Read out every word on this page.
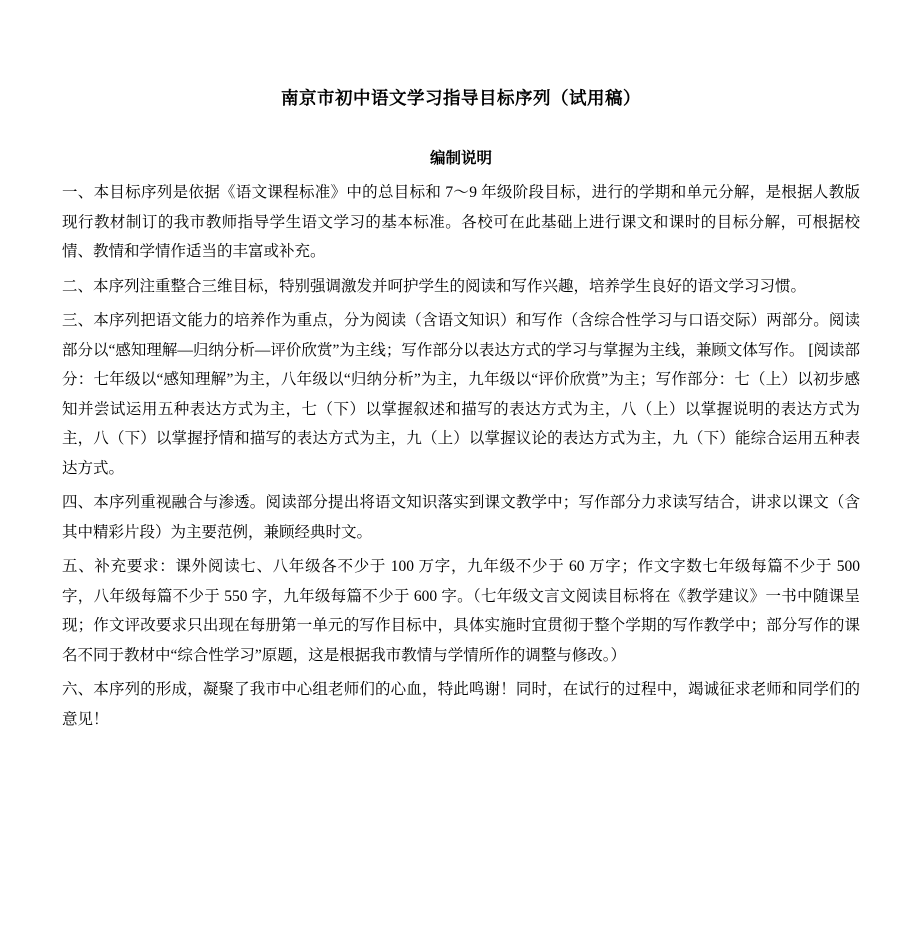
南京市初中语文学习指导目标序列（试用稿）
编制说明

一、本目标序列是依据《语文课程标准》中的总目标和 7～9 年级阶段目标，进行的学期和单元分解，是根据人教版现行教材制订的我市教师指导学生语文学习的基本标准。各校可在此基础上进行课文和课时的目标分解，可根据校情、教情和学情作适当的丰富或补充。

二、本序列注重整合三维目标，特别强调激发并呵护学生的阅读和写作兴趣，培养学生良好的语文学习习惯。

三、本序列把语文能力的培养作为重点，分为阅读（含语文知识）和写作（含综合性学习与口语交际）两部分。阅读部分以“感知理解—归纳分析—评价欣赏”为主线；写作部分以表达方式的学习与掌握为主线，兼顾文体写作。 [阅读部分：七年级以“感知理解”为主，八年级以“归纳分析”为主，九年级以“评价欣赏”为主；写作部分：七（上）以初步感知并尝试运用五种表达方式为主，七（下）以掌握叙述和描写的表达方式为主，八（上）以掌握说明的表达方式为主，八（下）以掌握抒情和描写的表达方式为主，九（上）以掌握议论的表达方式为主，九（下）能综合运用五种表达方式。

四、本序列重视融合与渗透。阅读部分提出将语文知识落实到课文教学中；写作部分力求读写结合，讲求以课文（含其中精彩片段）为主要范例，兼顾经典时文。

五、补充要求：课外阅读七、八年级各不少于 100 万字，九年级不少于 60 万字；作文字数七年级每篇不少于 500 字，八年级每篇不少于 550 字，九年级每篇不少于 600 字。（七年级文言文阅读目标将在《教学建议》一书中随课呈现；作文评改要求只出现在每册第一单元的写作目标中，具体实施时宜贯彻于整个学期的写作教学中；部分写作的课名不同于教材中“综合性学习”原题，这是根据我市教情与学情所作的调整与修改。）

六、本序列的形成，凝聚了我市中心组老师们的心血，特此鸣谢！同时，在试行的过程中，竭诚征求老师和同学们的意见！
